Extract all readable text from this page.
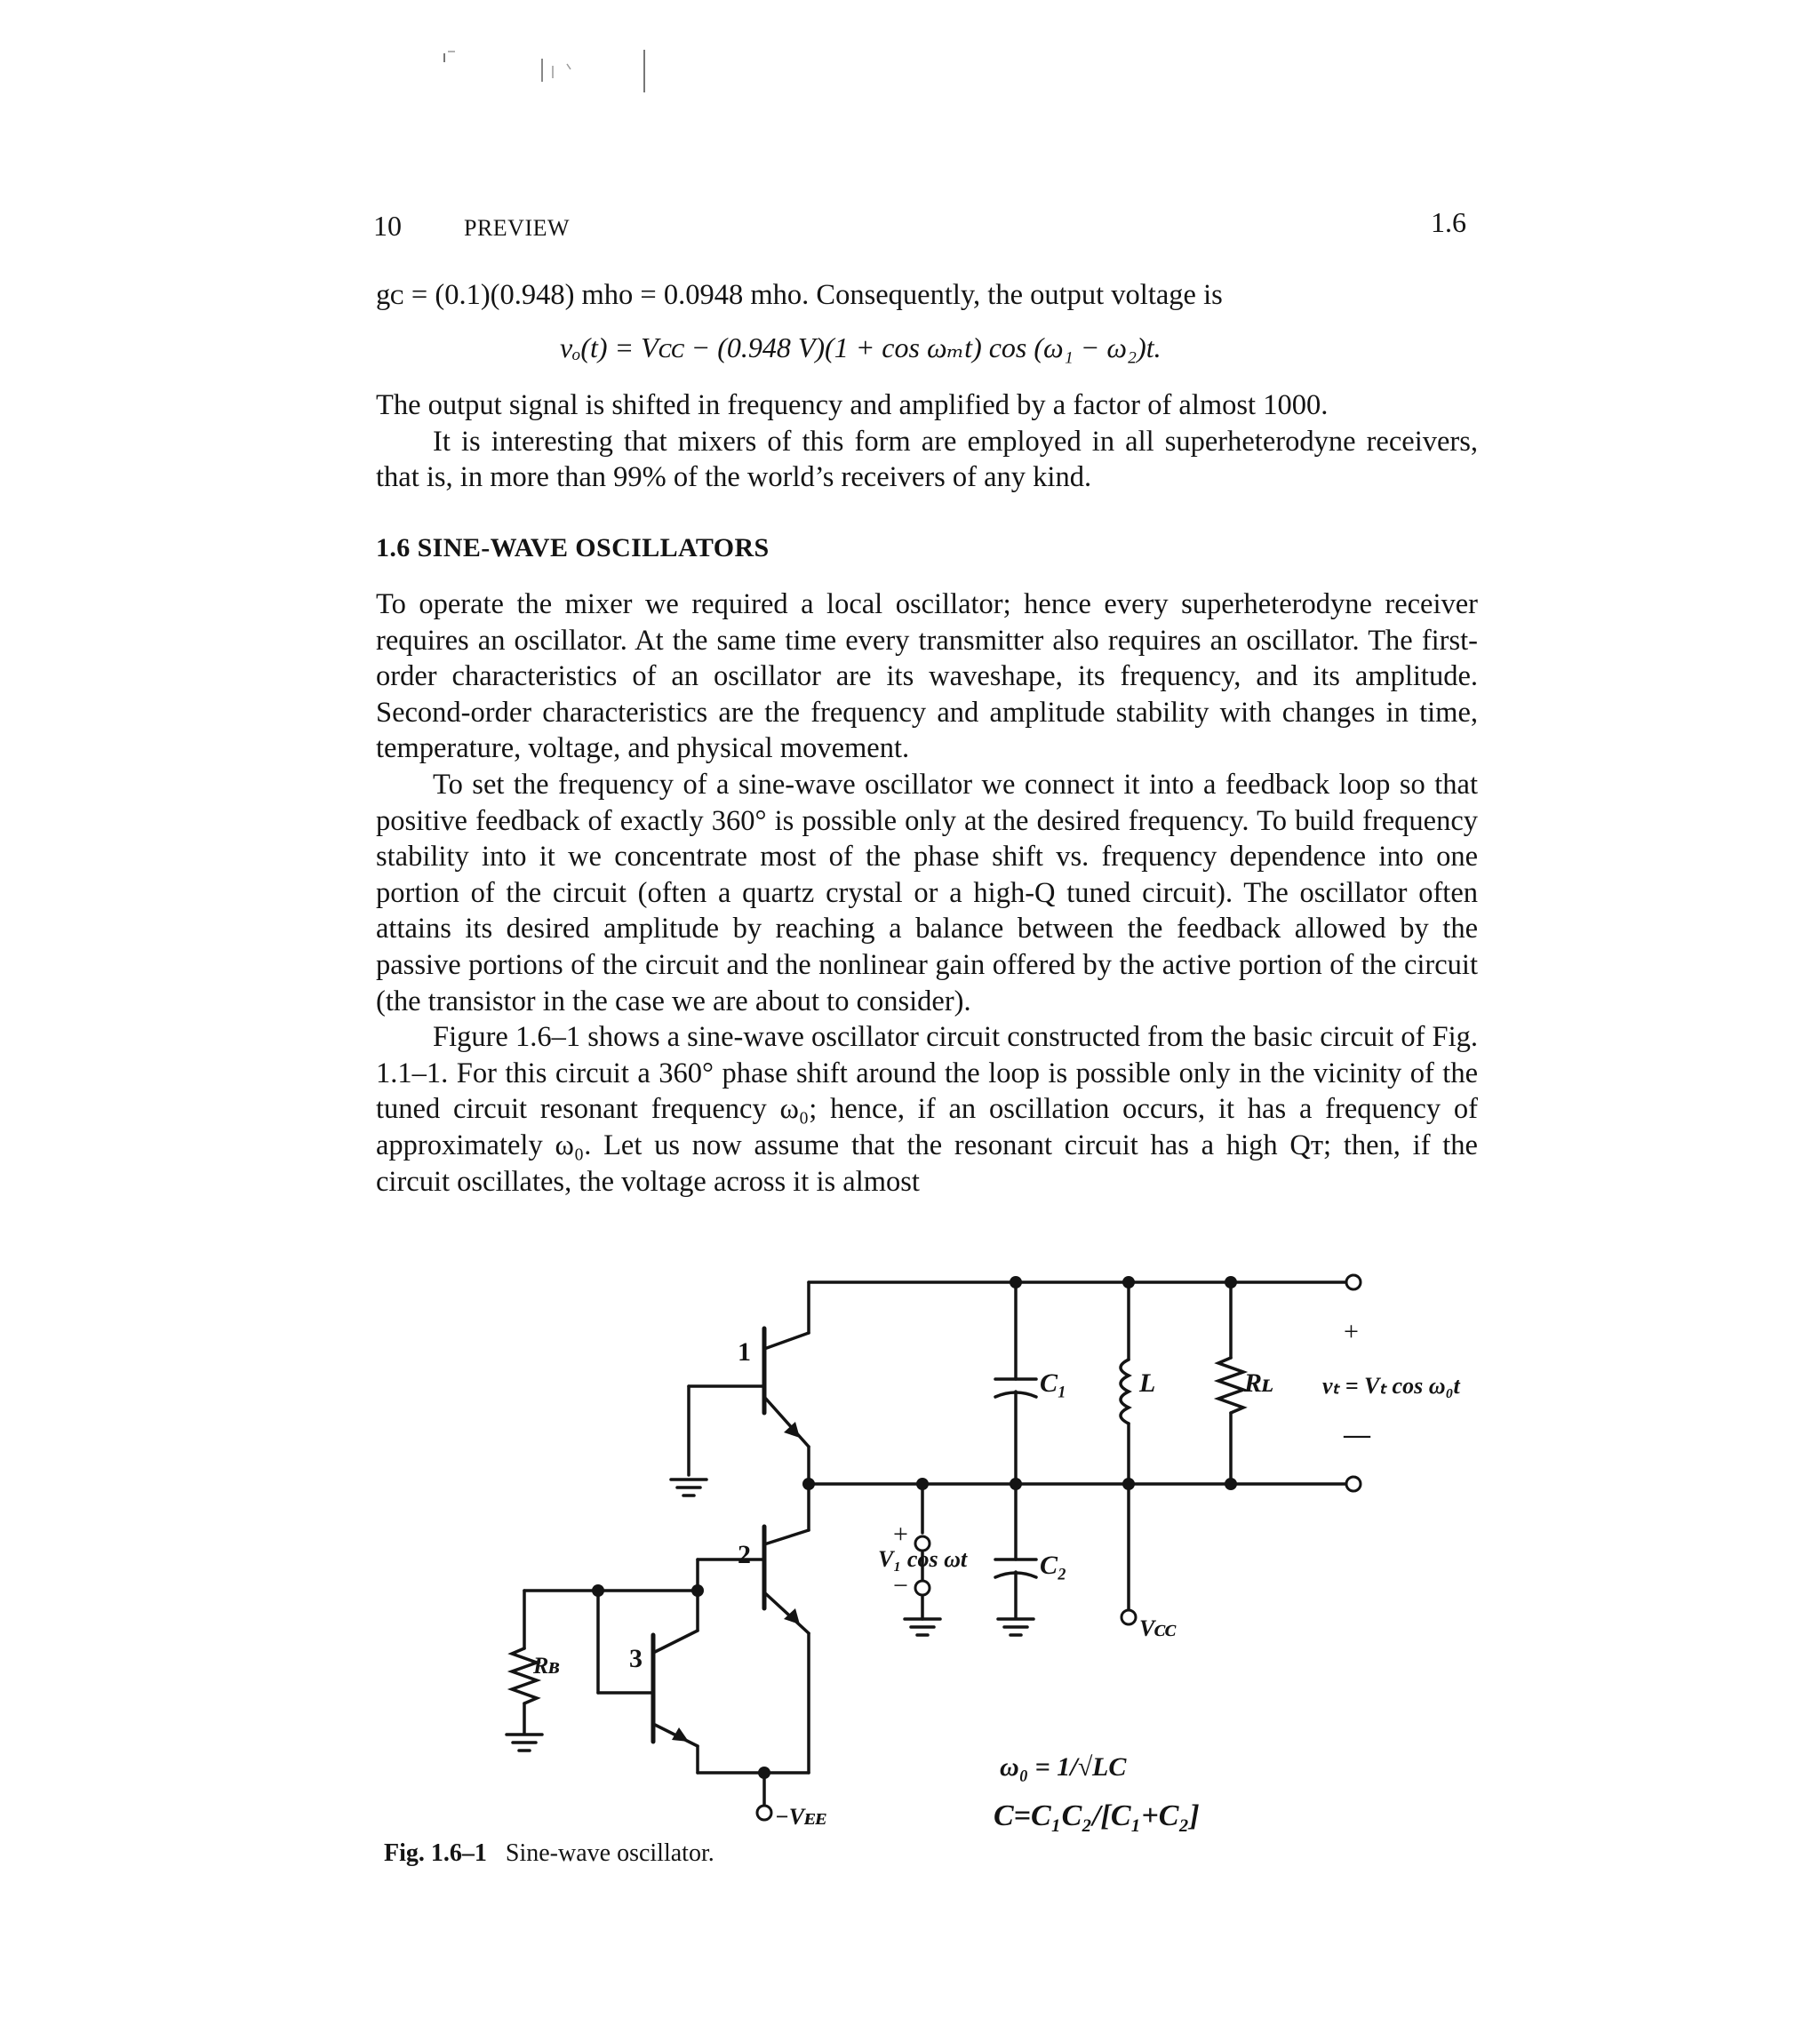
10	PREVIEW	1.6

gᴄ = (0.1)(0.948) mho = 0.0948 mho. Consequently, the output voltage is

vₒ(t) = Vᴄᴄ − (0.948 V)(1 + cos ωₘt) cos (ω₁ − ω₂)t.

The output signal is shifted in frequency and amplified by a factor of almost 1000.

It is interesting that mixers of this form are employed in all superheterodyne receivers, that is, in more than 99% of the world’s receivers of any kind.

1.6 SINE-WAVE OSCILLATORS

To operate the mixer we required a local oscillator; hence every superheterodyne receiver requires an oscillator. At the same time every transmitter also requires an oscillator. The first-order characteristics of an oscillator are its waveshape, its frequency, and its amplitude. Second-order characteristics are the frequency and amplitude stability with changes in time, temperature, voltage, and physical movement.

To set the frequency of a sine-wave oscillator we connect it into a feedback loop so that positive feedback of exactly 360° is possible only at the desired frequency. To build frequency stability into it we concentrate most of the phase shift vs. frequency dependence into one portion of the circuit (often a quartz crystal or a high-Q tuned circuit). The oscillator often attains its desired amplitude by reaching a balance between the feedback allowed by the passive portions of the circuit and the nonlinear gain offered by the active portion of the circuit (the transistor in the case we are about to consider).

Figure 1.6–1 shows a sine-wave oscillator circuit constructed from the basic circuit of Fig. 1.1–1. For this circuit a 360° phase shift around the loop is possible only in the vicinity of the tuned circuit resonant frequency ω₀; hence, if an oscillation occurs, it has a frequency of approximately ω₀. Let us now assume that the resonant circuit has a high Qᴛ; then, if the circuit oscillates, the voltage across it is almost

1
2
3
C₁
C₂
L	Rʟ
Rʙ
+
vₜ = Vₜ cos ω₀t
—
+
−
V₁ cos ωt
Vᴄᴄ
−Vᴇᴇ
ω₀ = 1/√LC
C=C₁C₂/[C₁+C₂]
Fig. 1.6–1 Sine-wave oscillator.
